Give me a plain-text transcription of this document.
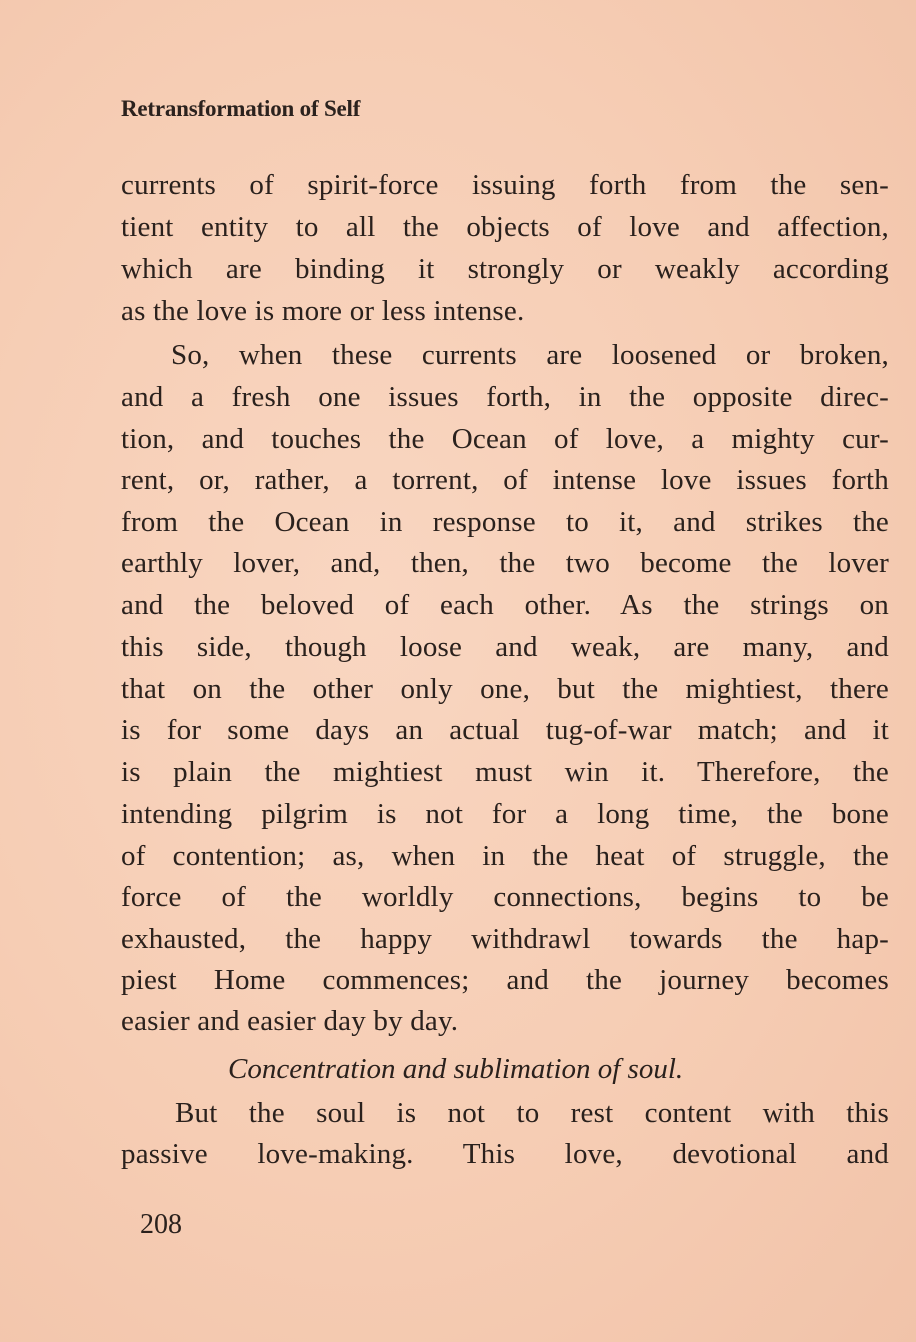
Retransformation of Self
currents of spirit-force issuing forth from the sen-
tient entity to all the objects of love and affection,
which are binding it strongly or weakly according
as the love is more or less intense.
So, when these currents are loosened or broken,
and a fresh one issues forth, in the opposite direc-
tion, and touches the Ocean of love, a mighty cur-
rent, or, rather, a torrent, of intense love issues forth
from the Ocean in response to it, and strikes the
earthly lover, and, then, the two become the lover
and the beloved of each other. As the strings on
this side, though loose and weak, are many, and
that on the other only one, but the mightiest, there
is for some days an actual tug-of-war match; and it
is plain the mightiest must win it. Therefore, the
intending pilgrim is not for a long time, the bone
of contention; as, when in the heat of struggle, the
force of the worldly connections, begins to be
exhausted, the happy withdrawl towards the hap-
piest Home commences; and the journey becomes
easier and easier day by day.
But the soul is not to rest content with this
passive love-making. This love, devotional and
Concentration and sublimation of soul.
208
